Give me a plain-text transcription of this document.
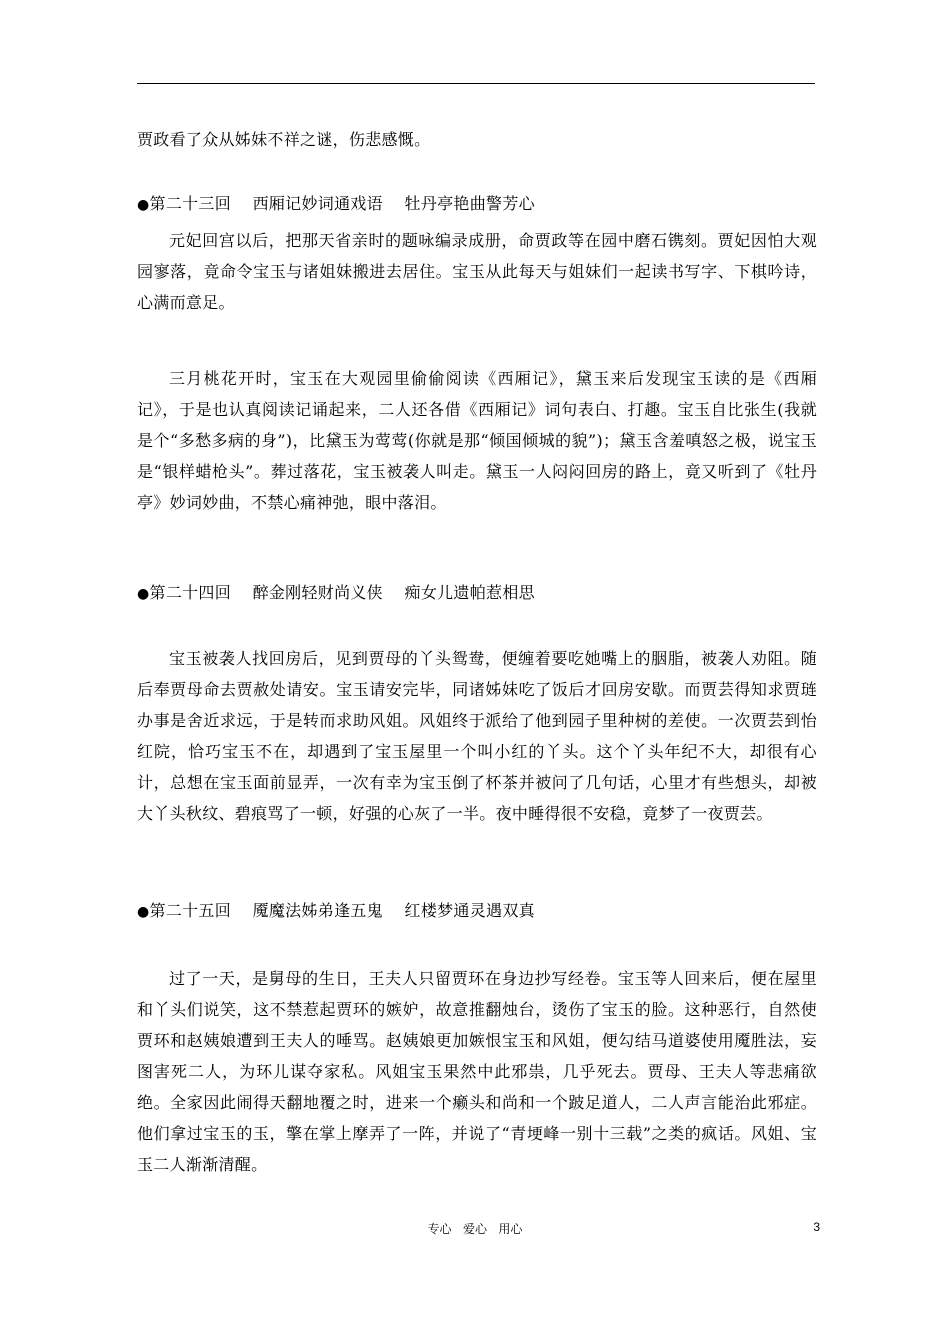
贾政看了众从姊妹不祥之谜，伤悲感慨。

●第二十三回    西厢记妙词通戏语    牡丹亭艳曲警芳心

元妃回宫以后，把那天省亲时的题咏编录成册，命贾政等在园中磨石镌刻。贾妃因怕大观园寥落，竟命令宝玉与诸姐妹搬进去居住。宝玉从此每天与姐妹们一起读书写字、下棋吟诗，心满而意足。

三月桃花开时，宝玉在大观园里偷偷阅读《西厢记》，黛玉来后发现宝玉读的是《西厢记》，于是也认真阅读记诵起来，二人还各借《西厢记》词句表白、打趣。宝玉自比张生(我就是个“多愁多病的身”)，比黛玉为莺莺(你就是那“倾国倾城的貌”)；黛玉含羞嗔怒之极，说宝玉是“银样蜡枪头”。葬过落花，宝玉被袭人叫走。黛玉一人闷闷回房的路上，竟又听到了《牡丹亭》妙词妙曲，不禁心痛神弛，眼中落泪。

●第二十四回    醉金刚轻财尚义侠    痴女儿遗帕惹相思

宝玉被袭人找回房后，见到贾母的丫头鸳鸯，便缠着要吃她嘴上的胭脂，被袭人劝阻。随后奉贾母命去贾赦处请安。宝玉请安完毕，同诸姊妹吃了饭后才回房安歇。而贾芸得知求贾琏办事是舍近求远，于是转而求助风姐。风姐终于派给了他到园子里种树的差使。一次贾芸到怡红院，恰巧宝玉不在，却遇到了宝玉屋里一个叫小红的丫头。这个丫头年纪不大，却很有心计，总想在宝玉面前显弄，一次有幸为宝玉倒了杯茶并被问了几句话，心里才有些想头，却被大丫头秋纹、碧痕骂了一顿，好强的心灰了一半。夜中睡得很不安稳，竟梦了一夜贾芸。

●第二十五回    魇魔法姊弟逢五鬼    红楼梦通灵遇双真

过了一天，是舅母的生日，王夫人只留贾环在身边抄写经卷。宝玉等人回来后，便在屋里和丫头们说笑，这不禁惹起贾环的嫉妒，故意推翻烛台，烫伤了宝玉的脸。这种恶行，自然使贾环和赵姨娘遭到王夫人的唾骂。赵姨娘更加嫉恨宝玉和风姐，便勾结马道婆使用魇胜法，妄图害死二人，为环儿谋夺家私。风姐宝玉果然中此邪祟，几乎死去。贾母、王夫人等悲痛欲绝。全家因此闹得天翻地覆之时，进来一个癞头和尚和一个跛足道人，二人声言能治此邪症。他们拿过宝玉的玉，擎在掌上摩弄了一阵，并说了“青埂峰一别十三载”之类的疯话。风姐、宝玉二人渐渐清醒。

专心   爱心   用心	3
